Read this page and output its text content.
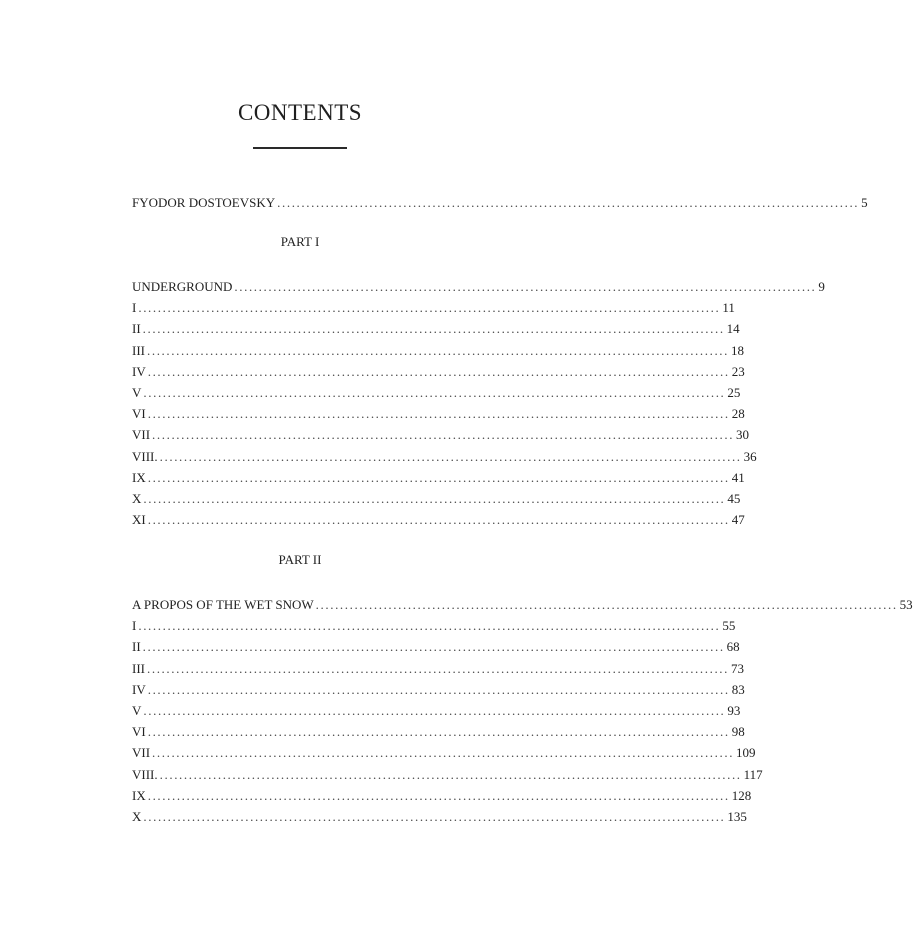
CONTENTS
FYODOR DOSTOEVSKY ........................................................................................................................ 5
PART I
UNDERGROUND ........................................................................................................................ 9
I ........................................................................................................................ 11
II ........................................................................................................................ 14
III ........................................................................................................................ 18
IV ........................................................................................................................ 23
V ........................................................................................................................ 25
VI ........................................................................................................................ 28
VII ........................................................................................................................ 30
VIII. ........................................................................................................................ 36
IX ........................................................................................................................ 41
X ........................................................................................................................ 45
XI ........................................................................................................................ 47
PART II
A PROPOS OF THE WET SNOW ........................................................................................................................ 53
I ........................................................................................................................ 55
II ........................................................................................................................ 68
III ........................................................................................................................ 73
IV ........................................................................................................................ 83
V ........................................................................................................................ 93
VI ........................................................................................................................ 98
VII ........................................................................................................................ 109
VIII. ........................................................................................................................ 117
IX ........................................................................................................................ 128
X ........................................................................................................................ 135
